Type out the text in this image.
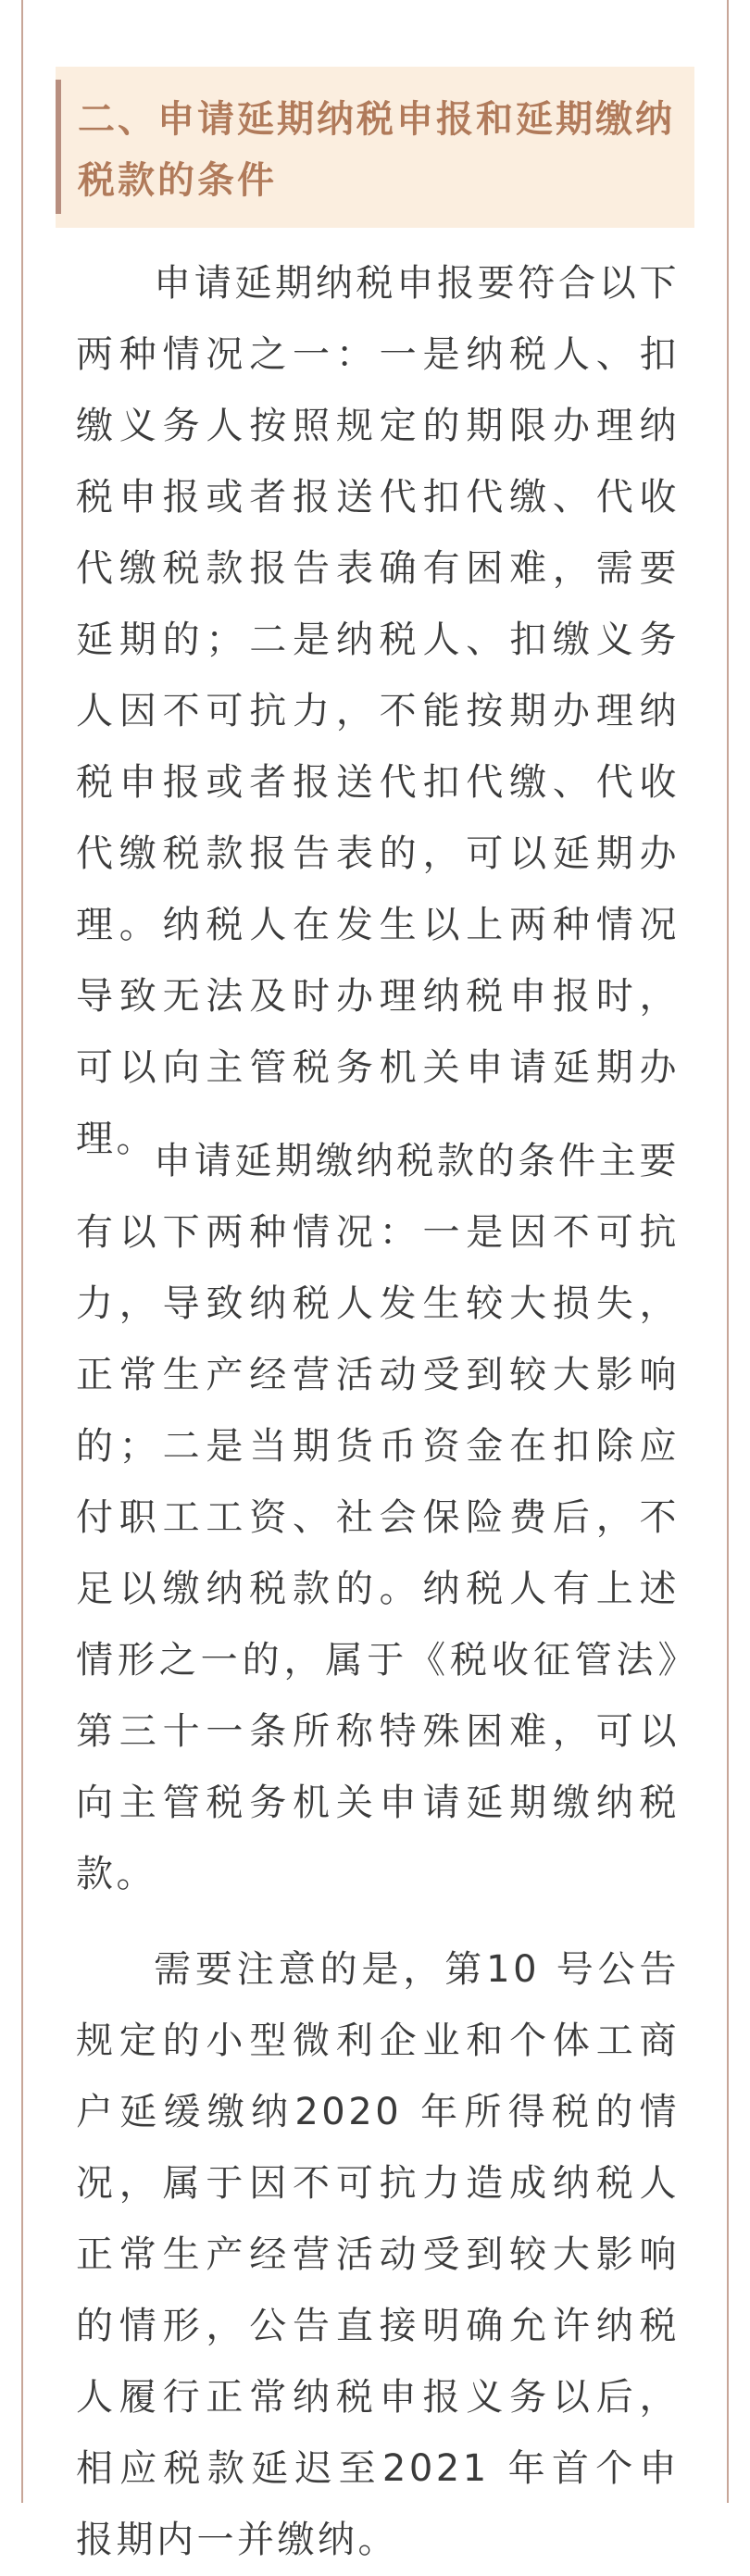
二、申请延期纳税申报和延期缴纳税款的条件

申请延期纳税申报要符合以下两种情况之一：一是纳税人、扣缴义务人按照规定的期限办理纳税申报或者报送代扣代缴、代收代缴税款报告表确有困难，需要延期的；二是纳税人、扣缴义务人因不可抗力，不能按期办理纳税申报或者报送代扣代缴、代收代缴税款报告表的，可以延期办理。纳税人在发生以上两种情况导致无法及时办理纳税申报时，可以向主管税务机关申请延期办理。

申请延期缴纳税款的条件主要有以下两种情况：一是因不可抗力，导致纳税人发生较大损失，正常生产经营活动受到较大影响的；二是当期货币资金在扣除应付职工工资、社会保险费后，不足以缴纳税款的。纳税人有上述情形之一的，属于《税收征管法》第三十一条所称特殊困难，可以向主管税务机关申请延期缴纳税款。

需要注意的是，第10 号公告规定的小型微利企业和个体工商户延缓缴纳2020 年所得税的情况，属于因不可抗力造成纳税人正常生产经营活动受到较大影响的情形，公告直接明确允许纳税人履行正常纳税申报义务以后，相应税款延迟至2021 年首个申报期内一并缴纳。
